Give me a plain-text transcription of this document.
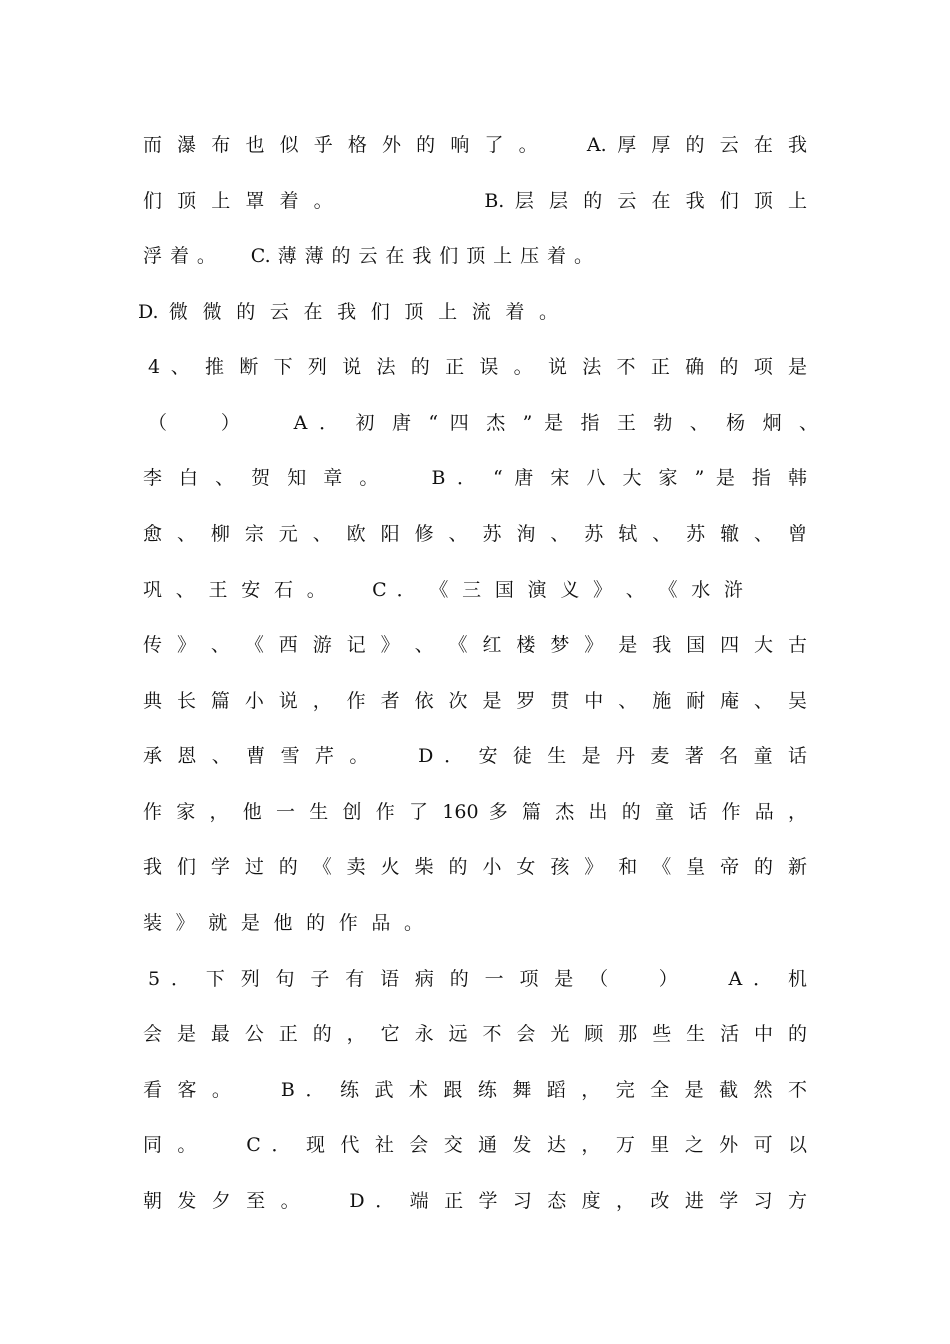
而 瀑 布 也 似 乎 格 外 的 响 了 。 　 A. 厚 厚 的 云 在 我
们 顶 上 罩 着 。 　 　 　 　 B. 层 层 的 云 在 我 们 顶 上
浮 着 。 　 C. 薄 薄 的 云 在 我 们 顶 上 压 着 。
D. 微 微 的 云 在 我 们 顶 上 流 着 。
4 、 推 断 下 列 说 法 的 正 误 。 说 法 不 正 确 的 项 是
（ 　 ） 　 A ． 初 唐 “ 四 杰 ” 是 指 王 勃 、 杨 炯 、
李 白 、 贺 知 章 。 　 B ． “ 唐 宋 八 大 家 ” 是 指 韩
愈 、 柳 宗 元 、 欧 阳 修 、 苏 洵 、 苏 轼 、 苏 辙 、 曾
巩 、 王 安 石 。 　 C ． 《 三 国 演 义 》 、 《 水 浒
传 》 、 《 西 游 记 》 、 《 红 楼 梦 》 是 我 国 四 大 古
典 长 篇 小 说 ， 作 者 依 次 是 罗 贯 中 、 施 耐 庵 、 吴
承 恩 、 曹 雪 芹 。 　 D ． 安 徒 生 是 丹 麦 著 名 童 话
作 家 ， 他 一 生 创 作 了 160 多 篇 杰 出 的 童 话 作 品 ，
我 们 学 过 的 《 卖 火 柴 的 小 女 孩 》 和 《 皇 帝 的 新
装 》 就 是 他 的 作 品 。
5 ． 下 列 句 子 有 语 病 的 一 项 是 （ 　 ） 　 A ． 机
会 是 最 公 正 的 ， 它 永 远 不 会 光 顾 那 些 生 活 中 的
看 客 。 　 B ． 练 武 术 跟 练 舞 蹈 ， 完 全 是 截 然 不
同 。 　 C ． 现 代 社 会 交 通 发 达 ， 万 里 之 外 可 以
朝 发 夕 至 。 　 D ． 端 正 学 习 态 度 ， 改 进 学 习 方
